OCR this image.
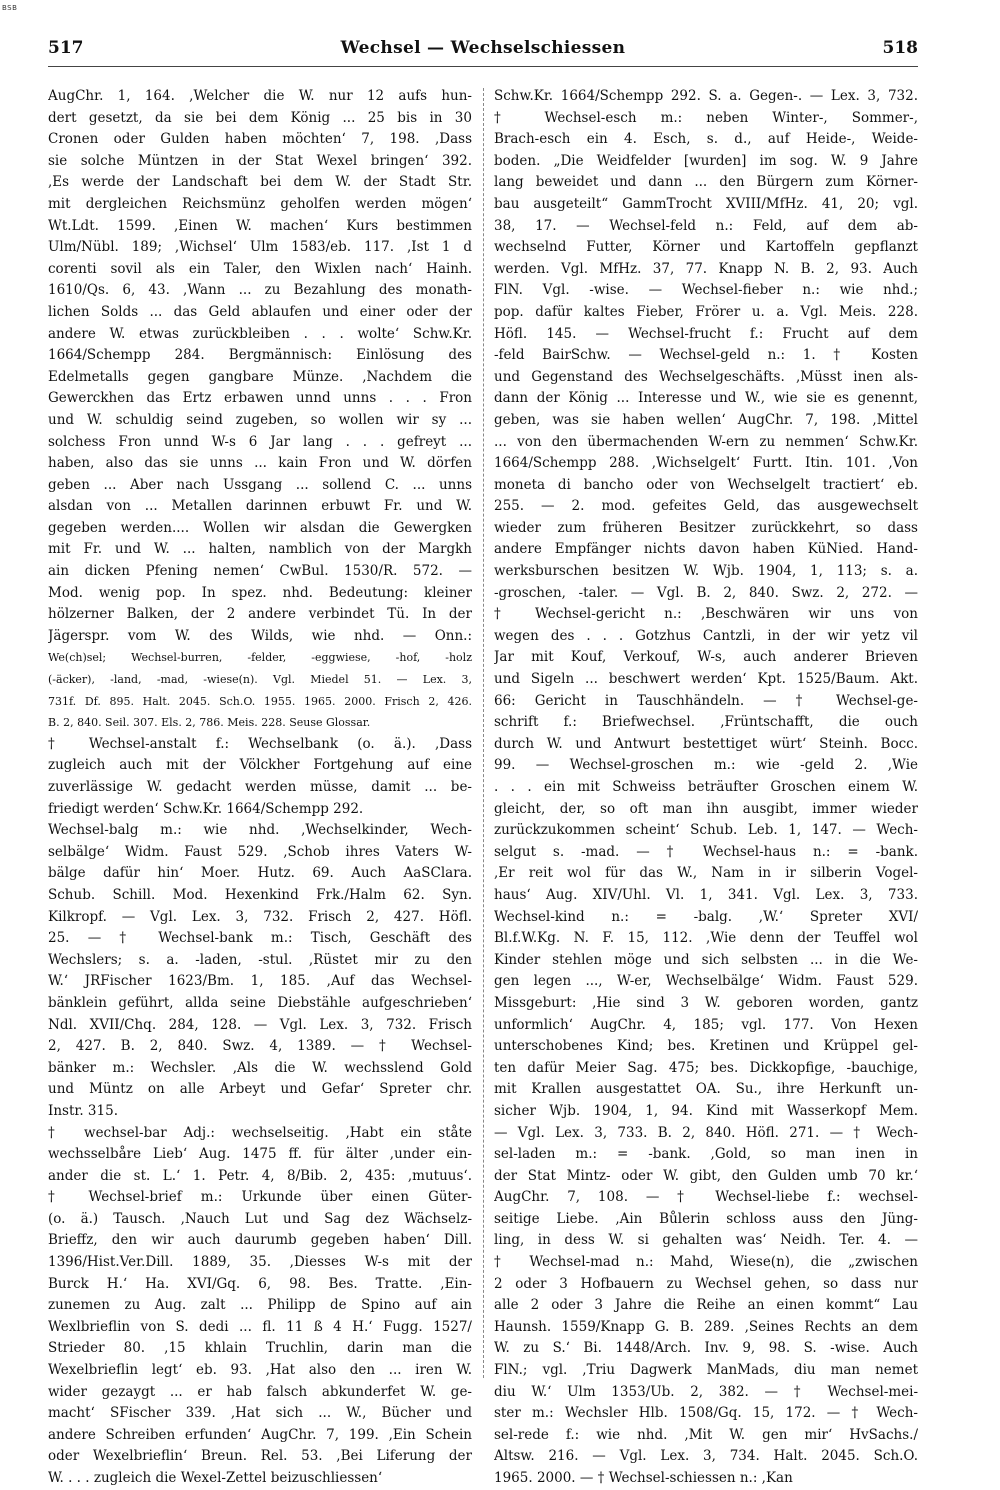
BSB
517	Wechsel — Wechselschiessen	518
AugChr. 1, 164. ,Welcher die W. nur 12 aufs hun-
dert gesetzt, da sie bei dem König ... 25 bis in 30
Cronen oder Gulden haben möchten‘ 7, 198. ,Dass
sie solche Müntzen in der Stat Wexel bringen‘ 392.
,Es werde der Landschaft bei dem W. der Stadt Str.
mit dergleichen Reichsmünz geholfen werden mögen‘
Wt.Ldt. 1599. ,Einen W. machen‘ Kurs bestimmen
Ulm/Nübl. 189; ,Wichsel‘ Ulm 1583/eb. 117. ,Ist 1 d
corenti sovil als ein Taler, den Wixlen nach‘ Hainh.
1610/Qs. 6, 43. ,Wann ... zu Bezahlung des monath-
lichen Solds ... das Geld ablaufen und einer oder der
andere W. etwas zurückbleiben . . . wolte‘ Schw.Kr.
1664/Schempp 284. Bergmännisch: Einlösung des
Edelmetalls gegen gangbare Münze. ,Nachdem die
Gewerckhen das Ertz erbawen unnd unns . . . Fron
und W. schuldig seind zugeben, so wollen wir sy ...
solchess Fron unnd W-s 6 Jar lang . . . gefreyt ...
haben, also das sie unns ... kain Fron und W. dörfen
geben ... Aber nach Ussgang ... sollend C. ... unns
alsdan von ... Metallen darinnen erbuwt Fr. und W.
gegeben werden.... Wollen wir alsdan die Gewergken
mit Fr. und W. ... halten, namblich von der Margkh
ain dicken Pfening nemen‘ CwBul. 1530/R. 572. —
Mod. wenig pop. In spez. nhd. Bedeutung: kleiner
hölzerner Balken, der 2 andere verbindet Tü. In der
Jägerspr. vom W. des Wilds, wie nhd. — Onn.:
We(ch)sel; Wechsel-burren, -felder, -eggwiese, -hof, -holz
(-äcker), -land, -mad, -wiese(n). Vgl. Miedel 51. — Lex. 3,
731f. Df. 895. Halt. 2045. Sch.O. 1955. 1965. 2000. Frisch 2, 426.
B. 2, 840. Seil. 307. Els. 2, 786. Meis. 228. Seuse Glossar.
† Wechsel-anstalt f.: Wechselbank (o. ä.). ,Dass
zugleich auch mit der Völckher Fortgehung auf eine
zuverlässige W. gedacht werden müsse, damit ... be-
friedigt werden‘ Schw.Kr. 1664/Schempp 292.
Wechsel-balg m.: wie nhd. ,Wechselkinder, Wech-
selbälge‘ Widm. Faust 529. ,Schob ihres Vaters W-
bälge dafür hin‘ Moer. Hutz. 69. Auch AaSClara.
Schub. Schill. Mod. Hexenkind Frk./Halm 62. Syn.
Kilkropf. — Vgl. Lex. 3, 732. Frisch 2, 427. Höfl.
25. — † Wechsel-bank m.: Tisch, Geschäft des
Wechslers; s. a. -laden, -stul. ,Rüstet mir zu den
W.‘ JRFischer 1623/Bm. 1, 185. ,Auf das Wechsel-
bänklein geführt, allda seine Diebstähle aufgeschrieben‘
Ndl. XVII/Chq. 284, 128. — Vgl. Lex. 3, 732. Frisch
2, 427. B. 2, 840. Swz. 4, 1389. — † Wechsel-
bänker m.: Wechsler. ,Als die W. wechsslend Gold
und Müntz on alle Arbeyt und Gefar‘ Spreter chr.
Instr. 315.
† wechsel-bar Adj.: wechselseitig. ,Habt ein ståte
wechsselbåre Lieb‘ Aug. 1475 ff. für älter ,under ein-
ander die st. L.‘ 1. Petr. 4, 8/Bib. 2, 435: ,mutuus‘.
† Wechsel-brief m.: Urkunde über einen Güter-
(o. ä.) Tausch. ,Nauch Lut und Sag dez Wächselz-
Brieffz, den wir auch daurumb gegeben haben‘ Dill.
1396/Hist.Ver.Dill. 1889, 35. ,Diesses W-s mit der
Burck H.‘ Ha. XVI/Gq. 6, 98. Bes. Tratte. ,Ein-
zunemen zu Aug. zalt ... Philipp de Spino auf ain
Wexlbrieflin von S. dedi ... fl. 11 ß 4 H.‘ Fugg. 1527/
Strieder 80. ,15 khlain Truchlin, darin man die
Wexelbrieflin legt‘ eb. 93. ,Hat also den ... iren W.
wider gezaygt ... er hab falsch abkunderfet W. ge-
macht‘ SFischer 339. ,Hat sich ... W., Bücher und
andere Schreiben erfunden‘ AugChr. 7, 199. ,Ein Schein
oder Wexelbrieflin‘ Breun. Rel. 53. ,Bei Liferung der
W. . . . zugleich die Wexel-Zettel beizuschliessen‘
Schw.Kr. 1664/Schempp 292. S. a. Gegen-. — Lex. 3, 732.
† Wechsel-esch m.: neben Winter-, Sommer-,
Brach-esch ein 4. Esch, s. d., auf Heide-, Weide-
boden. „Die Weidfelder [wurden] im sog. W. 9 Jahre
lang beweidet und dann ... den Bürgern zum Körner-
bau ausgeteilt“ GammTrocht XVIII/MfHz. 41, 20; vgl.
38, 17. — Wechsel-feld n.: Feld, auf dem ab-
wechselnd Futter, Körner und Kartoffeln gepflanzt
werden. Vgl. MfHz. 37, 77. Knapp N. B. 2, 93. Auch
FlN. Vgl. -wise. — Wechsel-fieber n.: wie nhd.;
pop. dafür kaltes Fieber, Frörer u. a. Vgl. Meis. 228.
Höfl. 145. — Wechsel-frucht f.: Frucht auf dem
-feld BairSchw. — Wechsel-geld n.: 1. † Kosten
und Gegenstand des Wechselgeschäfts. ,Müsst inen als-
dann der König ... Interesse und W., wie sie es genennt,
geben, was sie haben wellen‘ AugChr. 7, 198. ,Mittel
... von den übermachenden W-ern zu nemmen‘ Schw.Kr.
1664/Schempp 288. ,Wichselgelt‘ Furtt. Itin. 101. ,Von
moneta di bancho oder von Wechselgelt tractiert‘ eb.
255. — 2. mod. gefeites Geld, das ausgewechselt
wieder zum früheren Besitzer zurückkehrt, so dass
andere Empfänger nichts davon haben KüNied. Hand-
werksburschen besitzen W. Wjb. 1904, 1, 113; s. a.
-groschen, -taler. — Vgl. B. 2, 840. Swz. 2, 272. —
† Wechsel-gericht n.: ,Beschwären wir uns von
wegen des . . . Gotzhus Cantzli, in der wir yetz vil
Jar mit Kouf, Verkouf, W-s, auch anderer Brieven
und Sigeln ... beschwert werden‘ Kpt. 1525/Baum. Akt.
66: Gericht in Tauschhändeln. — † Wechsel-ge-
schrift f.: Briefwechsel. ,Früntschafft, die ouch
durch W. und Antwurt bestettiget würt‘ Steinh. Bocc.
99. — Wechsel-groschen m.: wie -geld 2. ,Wie
. . . ein mit Schweiss beträufter Groschen einem W.
gleicht, der, so oft man ihn ausgibt, immer wieder
zurückzukommen scheint‘ Schub. Leb. 1, 147. — Wech-
selgut s. -mad. — † Wechsel-haus n.: = -bank.
,Er reit wol für das W., Nam in ir silberin Vogel-
haus‘ Aug. XIV/Uhl. Vl. 1, 341. Vgl. Lex. 3, 733.
Wechsel-kind n.: = -balg. ,W.‘ Spreter XVI/
Bl.f.W.Kg. N. F. 15, 112. ,Wie denn der Teuffel wol
Kinder stehlen möge und sich selbsten ... in die We-
gen legen ..., W-er, Wechselbälge‘ Widm. Faust 529.
Missgeburt: ,Hie sind 3 W. geboren worden, gantz
unformlich‘ AugChr. 4, 185; vgl. 177. Von Hexen
unterschobenes Kind; bes. Kretinen und Krüppel gel-
ten dafür Meier Sag. 475; bes. Dickkopfige, -bauchige,
mit Krallen ausgestattet OA. Su., ihre Herkunft un-
sicher Wjb. 1904, 1, 94. Kind mit Wasserkopf Mem.
— Vgl. Lex. 3, 733. B. 2, 840. Höfl. 271. — † Wech-
sel-laden m.: = -bank. ,Gold, so man inen in
der Stat Mintz- oder W. gibt, den Gulden umb 70 kr.‘
AugChr. 7, 108. — † Wechsel-liebe f.: wechsel-
seitige Liebe. ,Ain Bůlerin schloss auss den Jüng-
ling, in dess W. si gehalten was‘ Neidh. Ter. 4. —
† Wechsel-mad n.: Mahd, Wiese(n), die „zwischen
2 oder 3 Hofbauern zu Wechsel gehen, so dass nur
alle 2 oder 3 Jahre die Reihe an einen kommt“ Lau
Haunsh. 1559/Knapp G. B. 289. ,Seines Rechts an dem
W. zu S.‘ Bi. 1448/Arch. Inv. 9, 98. S. -wise. Auch
FlN.; vgl. ,Triu Dagwerk ManMads, diu man nemet
diu W.‘ Ulm 1353/Ub. 2, 382. — † Wechsel-mei-
ster m.: Wechsler Hlb. 1508/Gq. 15, 172. — † Wech-
sel-rede f.: wie nhd. ,Mit W. gen mir‘ HvSachs./
Altsw. 216. — Vgl. Lex. 3, 734. Halt. 2045. Sch.O.
1965. 2000. — † Wechsel-schiessen n.: ,Kan
